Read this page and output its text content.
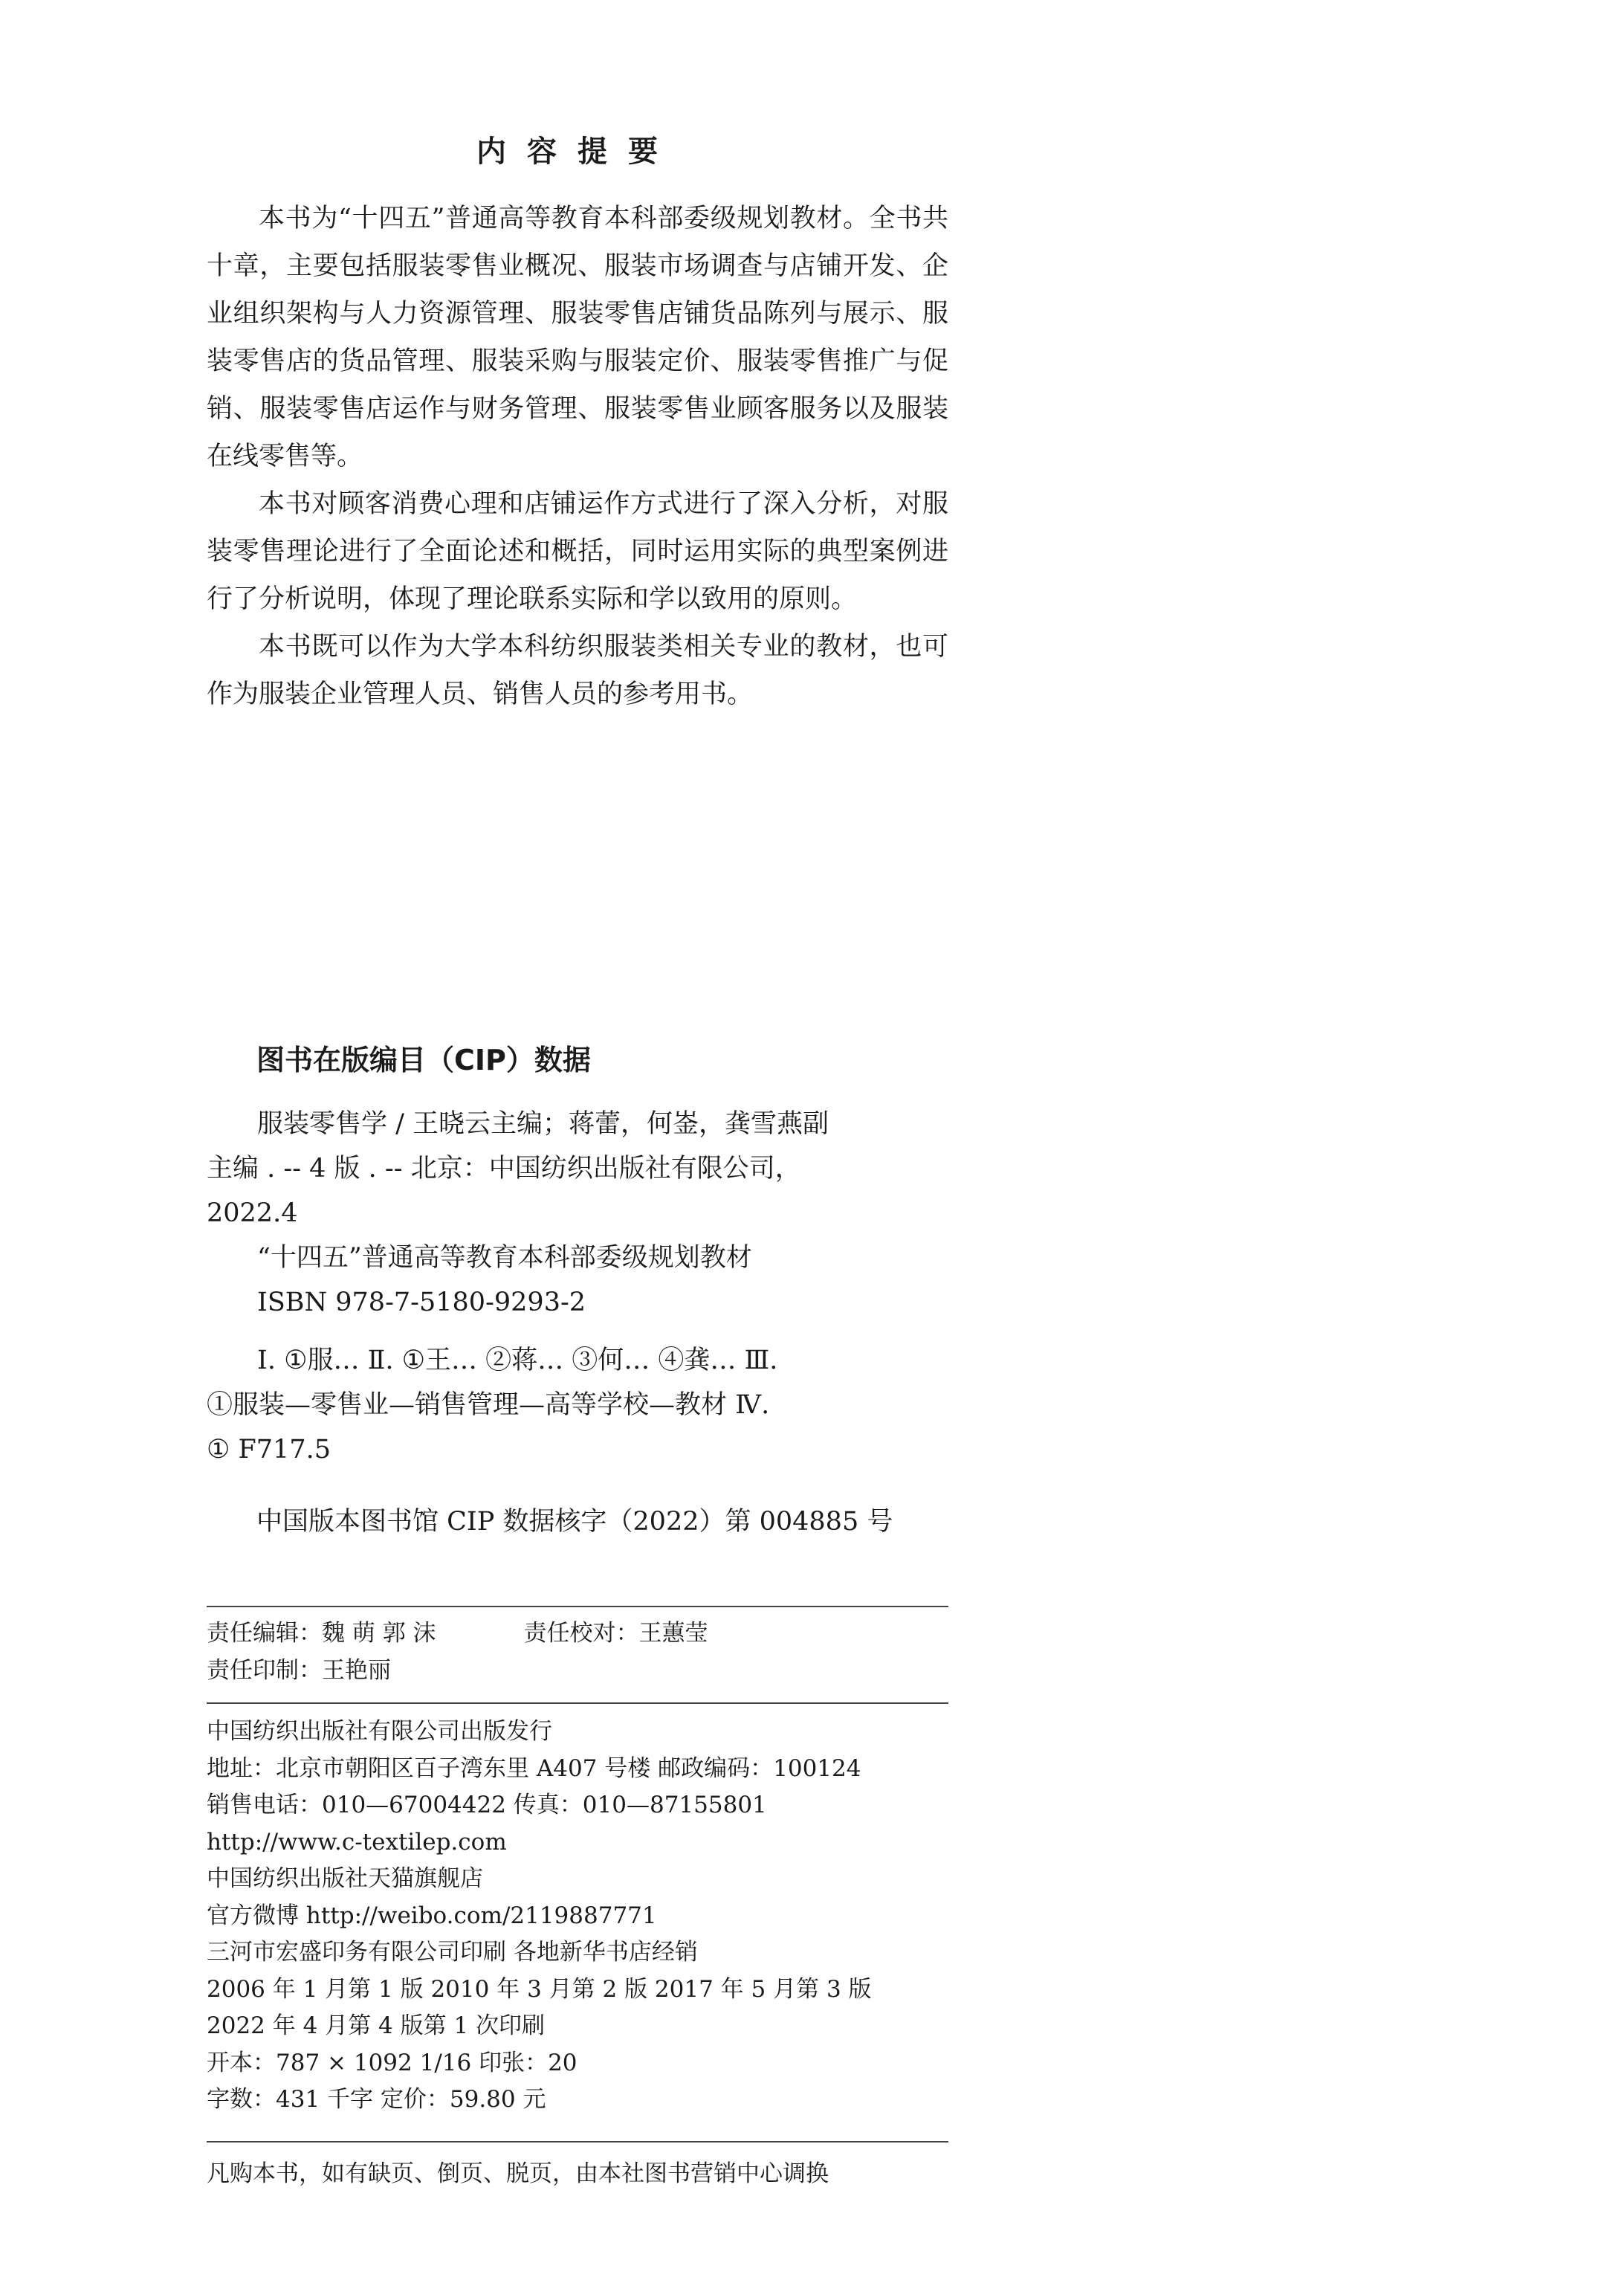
内容提要

本书为“十四五”普通高等教育本科部委级规划教材。全书共十章，主要包括服装零售业概况、服装市场调查与店铺开发、企业组织架构与人力资源管理、服装零售店铺货品陈列与展示、服装零售店的货品管理、服装采购与服装定价、服装零售推广与促销、服装零售店运作与财务管理、服装零售业顾客服务以及服装在线零售等。

本书对顾客消费心理和店铺运作方式进行了深入分析，对服装零售理论进行了全面论述和概括，同时运用实际的典型案例进行了分析说明，体现了理论联系实际和学以致用的原则。

本书既可以作为大学本科纺织服装类相关专业的教材，也可作为服装企业管理人员、销售人员的参考用书。

图书在版编目（CIP）数据

服装零售学 / 王晓云主编；蒋蕾，何崟，龚雪燕副

主编 . -- 4 版 . -- 北京：中国纺织出版社有限公司，

2022.4

“十四五”普通高等教育本科部委级规划教材

ISBN 978-7-5180-9293-2

Ⅰ. ①服… Ⅱ. ①王… ②蒋… ③何… ④龚… Ⅲ.

①服装—零售业—销售管理—高等学校—教材 Ⅳ.

① F717.5

中国版本图书馆 CIP 数据核字（2022）第 004885 号

责任编辑：魏 萌 郭 沫	责任校对：王蕙莹

责任印制：王艳丽

中国纺织出版社有限公司出版发行

地址：北京市朝阳区百子湾东里 A407 号楼 邮政编码：100124

销售电话：010—67004422 传真：010—87155801

http://www.c-textilep.com

中国纺织出版社天猫旗舰店

官方微博 http://weibo.com/2119887771

三河市宏盛印务有限公司印刷 各地新华书店经销

2006 年 1 月第 1 版 2010 年 3 月第 2 版 2017 年 5 月第 3 版

2022 年 4 月第 4 版第 1 次印刷

开本：787 × 1092 1/16 印张：20

字数：431 千字 定价：59.80 元

凡购本书，如有缺页、倒页、脱页，由本社图书营销中心调换
